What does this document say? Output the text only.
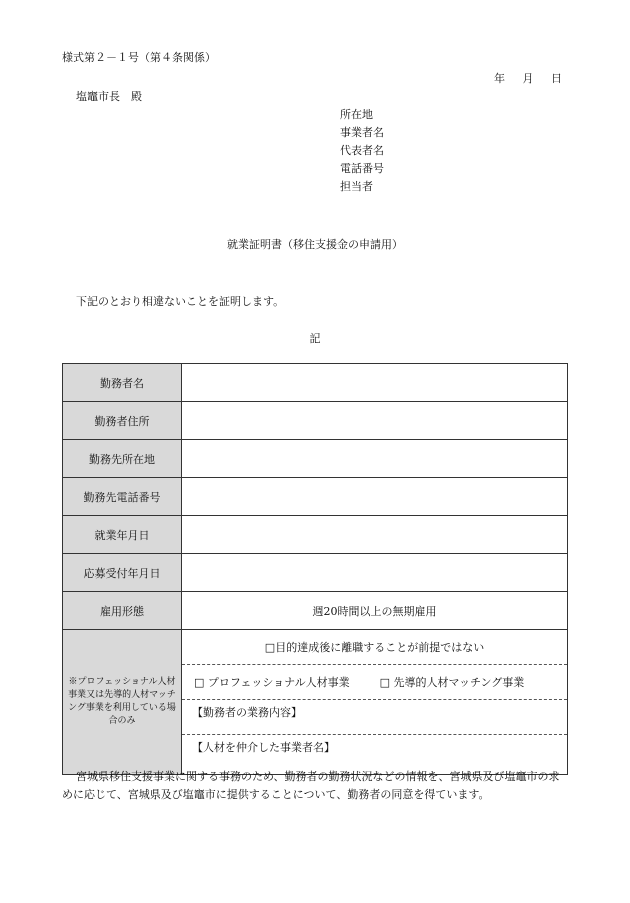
様式第２－１号（第４条関係）
年 月 日
塩竈市長　殿
所在地
事業者名
代表者名
電話番号
担当者
就業証明書（移住支援金の申請用）
下記のとおり相違ないことを証明します。
記
勤務者名	
勤務者住所	
勤務先所在地	
勤務先電話番号	
就業年月日	
応募受付年月日	
雇用形態	週20時間以上の無期雇用
※プロフェッショナル人材事業又は先導的人材マッチング事業を利用している場合のみ	□目的達成後に離職することが前提ではない
□ プロフェッショナル人材事業 □ 先導的人材マッチング事業
【勤務者の業務内容】
【人材を仲介した事業者名】
宮城県移住支援事業に関する事務のため、勤務者の勤務状況などの情報を、宮城県及び塩竈市の求めに応じて、宮城県及び塩竈市に提供することについて、勤務者の同意を得ています。
